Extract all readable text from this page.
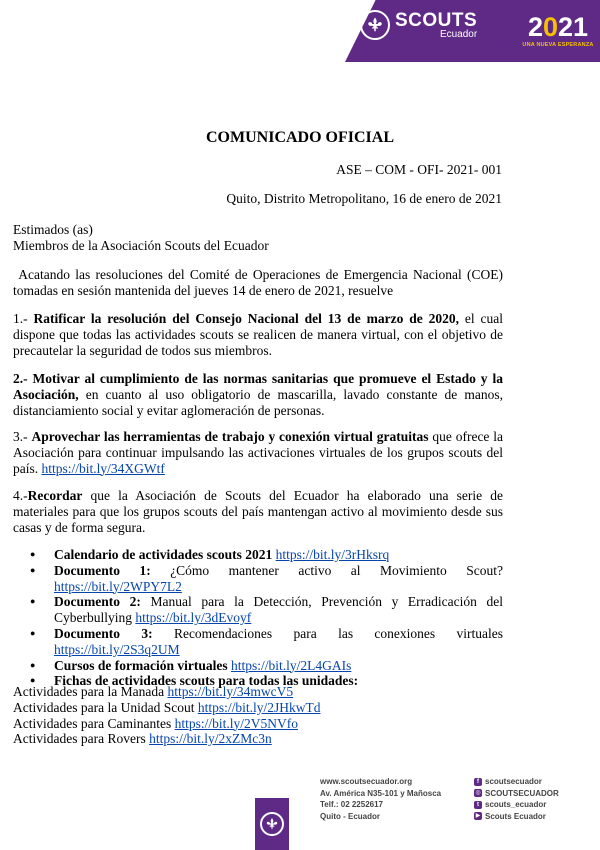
SCOUTS
Ecuador	2021
UNA NUEVA ESPERANZA
COMUNICADO OFICIAL
ASE – COM - OFI- 2021- 001
Quito, Distrito Metropolitano, 16 de enero de 2021
Estimados (as)
Miembros de la Asociación Scouts del Ecuador
Acatando las resoluciones del Comité de Operaciones de Emergencia Nacional (COE) tomadas en sesión mantenida del jueves 14 de enero de 2021, resuelve
1.- Ratificar la resolución del Consejo Nacional del 13 de marzo de 2020, el cual dispone que todas las actividades scouts se realicen de manera virtual, con el objetivo de precautelar la seguridad de todos sus miembros.
2.- Motivar al cumplimiento de las normas sanitarias que promueve el Estado y la Asociación, en cuanto al uso obligatorio de mascarilla, lavado constante de manos, distanciamiento social y evitar aglomeración de personas.
3.- Aprovechar las herramientas de trabajo y conexión virtual gratuitas que ofrece la Asociación para continuar impulsando las activaciones virtuales de los grupos scouts del país. https://bit.ly/34XGWtf
4.-Recordar que la Asociación de Scouts del Ecuador ha elaborado una serie de materiales para que los grupos scouts del país mantengan activo al movimiento desde sus casas y de forma segura.
● Calendario de actividades scouts 2021 https://bit.ly/3rHksrq
● Documento 1: ¿Cómo mantener activo al Movimiento Scout? https://bit.ly/2WPY7L2
● Documento 2: Manual para la Detección, Prevención y Erradicación del Cyberbullying https://bit.ly/3dEvoyf
● Documento 3: Recomendaciones para las conexiones virtuales https://bit.ly/2S3q2UM
● Cursos de formación virtuales https://bit.ly/2L4GAIs
● Fichas de actividades scouts para todas las unidades:
Actividades para la Manada https://bit.ly/34mwcV5
Actividades para la Unidad Scout https://bit.ly/2JHkwTd
Actividades para Caminantes https://bit.ly/2V5NVfo
Actividades para Rovers https://bit.ly/2xZMc3n
www.scoutsecuador.org
Av. América N35-101 y Mañosca
Telf.: 02 2252617
Quito - Ecuador
f scoutsecuador
◎ SCOUTSECUADOR
t scouts_ecuador
▶ Scouts Ecuador
